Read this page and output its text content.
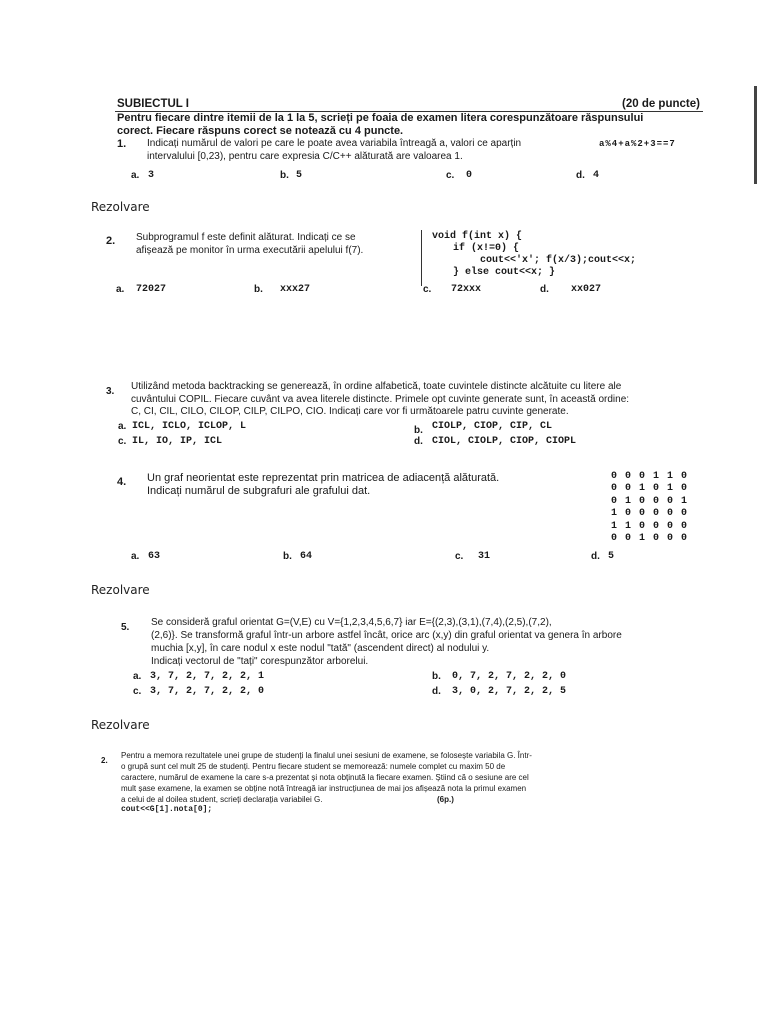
SUBIECTUL I	(20 de puncte)
Pentru fiecare dintre itemii de la 1 la 5, scrieți pe foaia de examen litera corespunzătoare răspunsului
corect. Fiecare răspuns corect se notează cu 4 puncte.
1. Indicați numărul de valori pe care le poate avea variabila întreagă a, valori ce aparțin
intervalului [0,23), pentru care expresia C/C++ alăturată are valoarea 1.
a%4+a%2+3==7
a. 3	b. 5	c. 0	d. 4
Rezolvare
2. Subprogramul f este definit alăturat. Indicați ce se
afișează pe monitor în urma executării apelului f(7).
void f(int x) {
if (x!=0) {
cout<<'x'; f(x/3);cout<<x;
} else cout<<x; }
a. 72027	b. xxx27	c. 72xxx	d. xx027
3. Utilizând metoda backtracking se generează, în ordine alfabetică, toate cuvintele distincte alcătuite cu litere ale
cuvântului COPIL. Fiecare cuvânt va avea literele distincte. Primele opt cuvinte generate sunt, în această ordine:
C, CI, CIL, CILO, CILOP, CILP, CILPO, CIO. Indicați care vor fi următoarele patru cuvinte generate.
a. ICL, ICLO, ICLOP, L	b. CIOLP, CIOP, CIP, CL
c. IL, IO, IP, ICL	d. CIOL, CIOLP, CIOP, CIOPL
4. Un graf neorientat este reprezentat prin matricea de adiacență alăturată.
Indicați numărul de subgrafuri ale grafului dat.
0 0 0 1 1 0
0 0 1 0 1 0
0 1 0 0 0 1
1 0 0 0 0 0
1 1 0 0 0 0
0 0 1 0 0 0
a. 63	b. 64	c. 31	d. 5
Rezolvare
5. Se consideră graful orientat G=(V,E) cu V={1,2,3,4,5,6,7} iar E={(2,3),(3,1),(7,4),(2,5),(7,2),
(2,6)}. Se transformă graful într-un arbore astfel încât, orice arc (x,y) din graful orientat va genera în arbore
muchia [x,y], în care nodul x este nodul "tată" (ascendent direct) al nodului y.
Indicați vectorul de "tați" corespunzător arborelui.
a. 3, 7, 2, 7, 2, 2, 1	b. 0, 7, 2, 7, 2, 2, 0
c. 3, 7, 2, 7, 2, 2, 0	d. 3, 0, 2, 7, 2, 2, 5
Rezolvare
2.
Pentru a memora rezultatele unei grupe de studenți la finalul unei sesiuni de examene, se folosește variabila G. Într-
o grupă sunt cel mult 25 de studenți. Pentru fiecare student se memorează: numele complet cu maxim 50 de
caractere, numărul de examene la care s-a prezentat și nota obținută la fiecare examen. Știind că o sesiune are cel
mult șase examene, la examen se obține notă întreagă iar instrucțiunea de mai jos afișează nota la primul examen
a celui de al doilea student, scrieți declarația variabilei G.	(6p.)
cout<<G[1].nota[0];
